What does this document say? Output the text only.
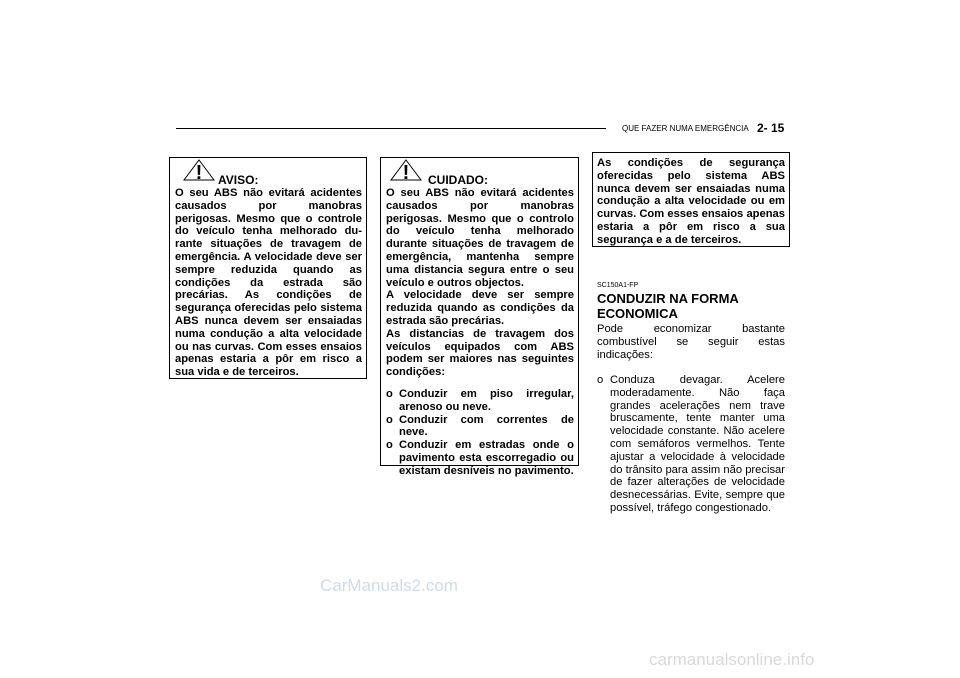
QUE FAZER NUMA EMERGÊNCIA 2- 15
! AVISO:

O seu ABS não evitará acidentes causados por manobras perigosas. Mesmo que o controle do veículo tenha melhorado du-rante situações de travagem de emergência. A velocidade deve ser sempre reduzida quando as condições da estrada são precárias. As condições de segurança oferecidas pelo sistema ABS nunca devem ser ensaiadas numa condução a alta velocidade ou nas curvas. Com esses ensaios apenas estaria a pôr em risco a sua vida e de terceiros.

! CUIDADO:

O seu ABS não evitará acidentes causados por manobras perigosas. Mesmo que o controlo do veículo tenha melhorado durante situações de travagem de emergência, mantenha sempre uma distancia segura entre o seu veículo e outros objectos.

A velocidade deve ser sempre reduzida quando as condições da estrada são precárias.

As distancias de travagem dos veículos equipados com ABS podem ser maiores nas seguintes condições:

o Conduzir em piso irregular, arenoso ou neve.
o Conduzir com correntes de neve.
o Conduzir em estradas onde o pavimento esta escorregadio ou existam desníveis no pavimento.
As condições de segurança oferecidas pelo sistema ABS nunca devem ser ensaiadas numa condução a alta velocidade ou em curvas. Com esses ensaios apenas estaria a pôr em risco a sua segurança e a de terceiros.
SC150A1-FP
CONDUZIR NA FORMA ECONOMICA
Pode economizar bastante combustível se seguir estas indicações:
o Conduza devagar. Acelere moderadamente. Não faça grandes acelerações nem trave bruscamente, tente manter uma velocidade constante. Não acelere com semáforos vermelhos. Tente ajustar a velocidade à velocidade do trânsito para assim não precisar de fazer alterações de velocidade desnecessárias. Evite, sempre que possível, tráfego congestionado.
CarManuals2.com
carmanualsonline.info
